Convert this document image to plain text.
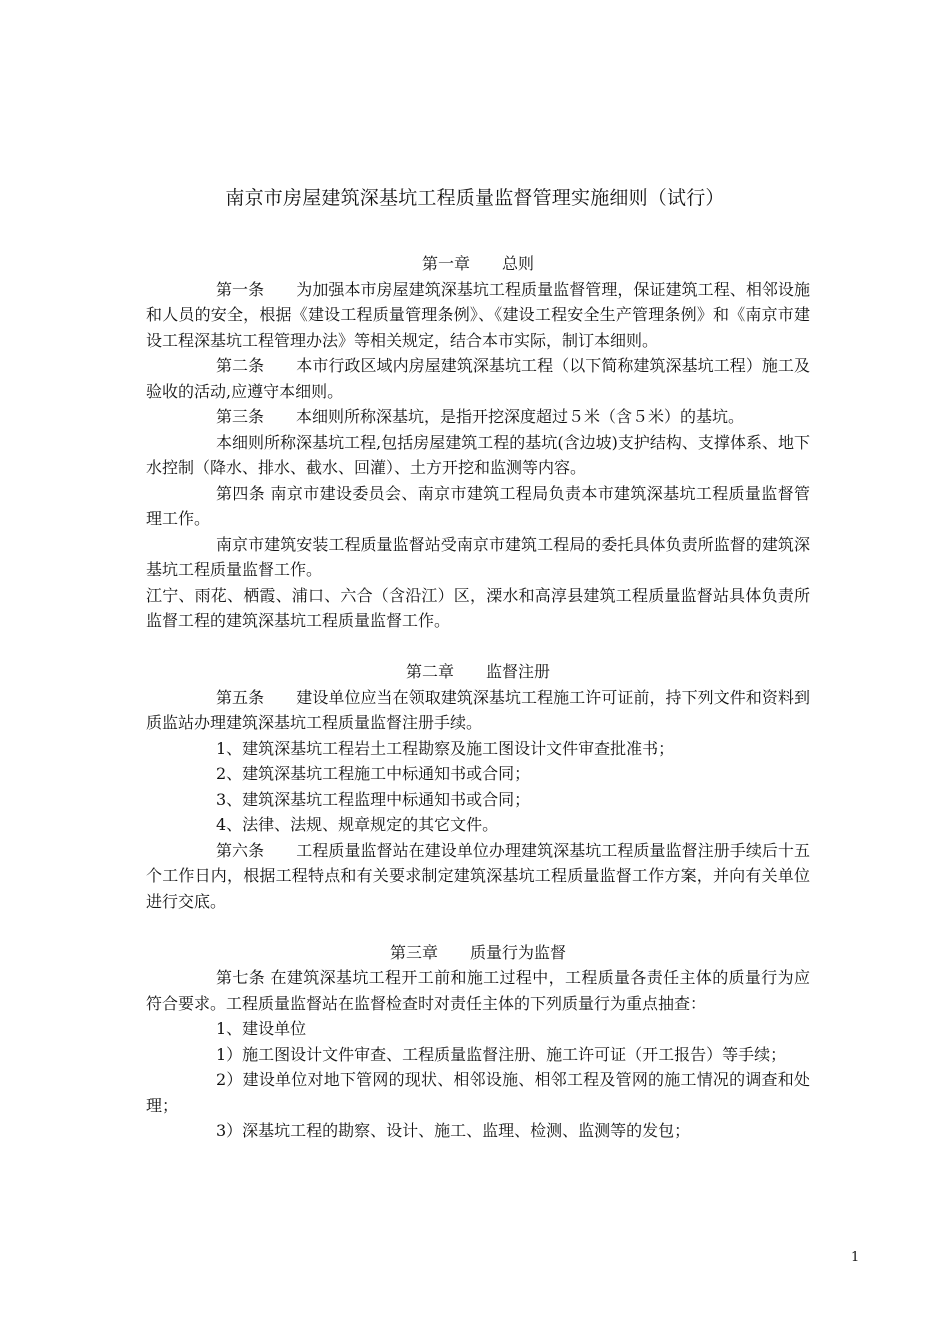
南京市房屋建筑深基坑工程质量监督管理实施细则（试行）

第一章　　总则

第一条　　为加强本市房屋建筑深基坑工程质量监督管理，保证建筑工程、相邻设施和人员的安全，根据《建设工程质量管理条例》、《建设工程安全生产管理条例》和《南京市建设工程深基坑工程管理办法》等相关规定，结合本市实际，制订本细则。

第二条　　本市行政区域内房屋建筑深基坑工程（以下简称建筑深基坑工程）施工及验收的活动,应遵守本细则。

第三条　　本细则所称深基坑，是指开挖深度超过５米（含５米）的基坑。

本细则所称深基坑工程,包括房屋建筑工程的基坑(含边坡)支护结构、支撑体系、地下水控制（降水、排水、截水、回灌）、土方开挖和监测等内容。

第四条 南京市建设委员会、南京市建筑工程局负责本市建筑深基坑工程质量监督管理工作。

南京市建筑安装工程质量监督站受南京市建筑工程局的委托具体负责所监督的建筑深基坑工程质量监督工作。

江宁、雨花、栖霞、浦口、六合（含沿江）区，溧水和高淳县建筑工程质量监督站具体负责所监督工程的建筑深基坑工程质量监督工作。

第二章　　监督注册

第五条　　建设单位应当在领取建筑深基坑工程施工许可证前，持下列文件和资料到质监站办理建筑深基坑工程质量监督注册手续。

1、建筑深基坑工程岩土工程勘察及施工图设计文件审查批准书；

2、建筑深基坑工程施工中标通知书或合同；

3、建筑深基坑工程监理中标通知书或合同；

4、法律、法规、规章规定的其它文件。

第六条　　工程质量监督站在建设单位办理建筑深基坑工程质量监督注册手续后十五个工作日内，根据工程特点和有关要求制定建筑深基坑工程质量监督工作方案，并向有关单位进行交底。

第三章　　质量行为监督

第七条 在建筑深基坑工程开工前和施工过程中，工程质量各责任主体的质量行为应符合要求。工程质量监督站在监督检查时对责任主体的下列质量行为重点抽查：

1、建设单位

1）施工图设计文件审查、工程质量监督注册、施工许可证（开工报告）等手续；

2）建设单位对地下管网的现状、相邻设施、相邻工程及管网的施工情况的调查和处理；

3）深基坑工程的勘察、设计、施工、监理、检测、监测等的发包；

1
